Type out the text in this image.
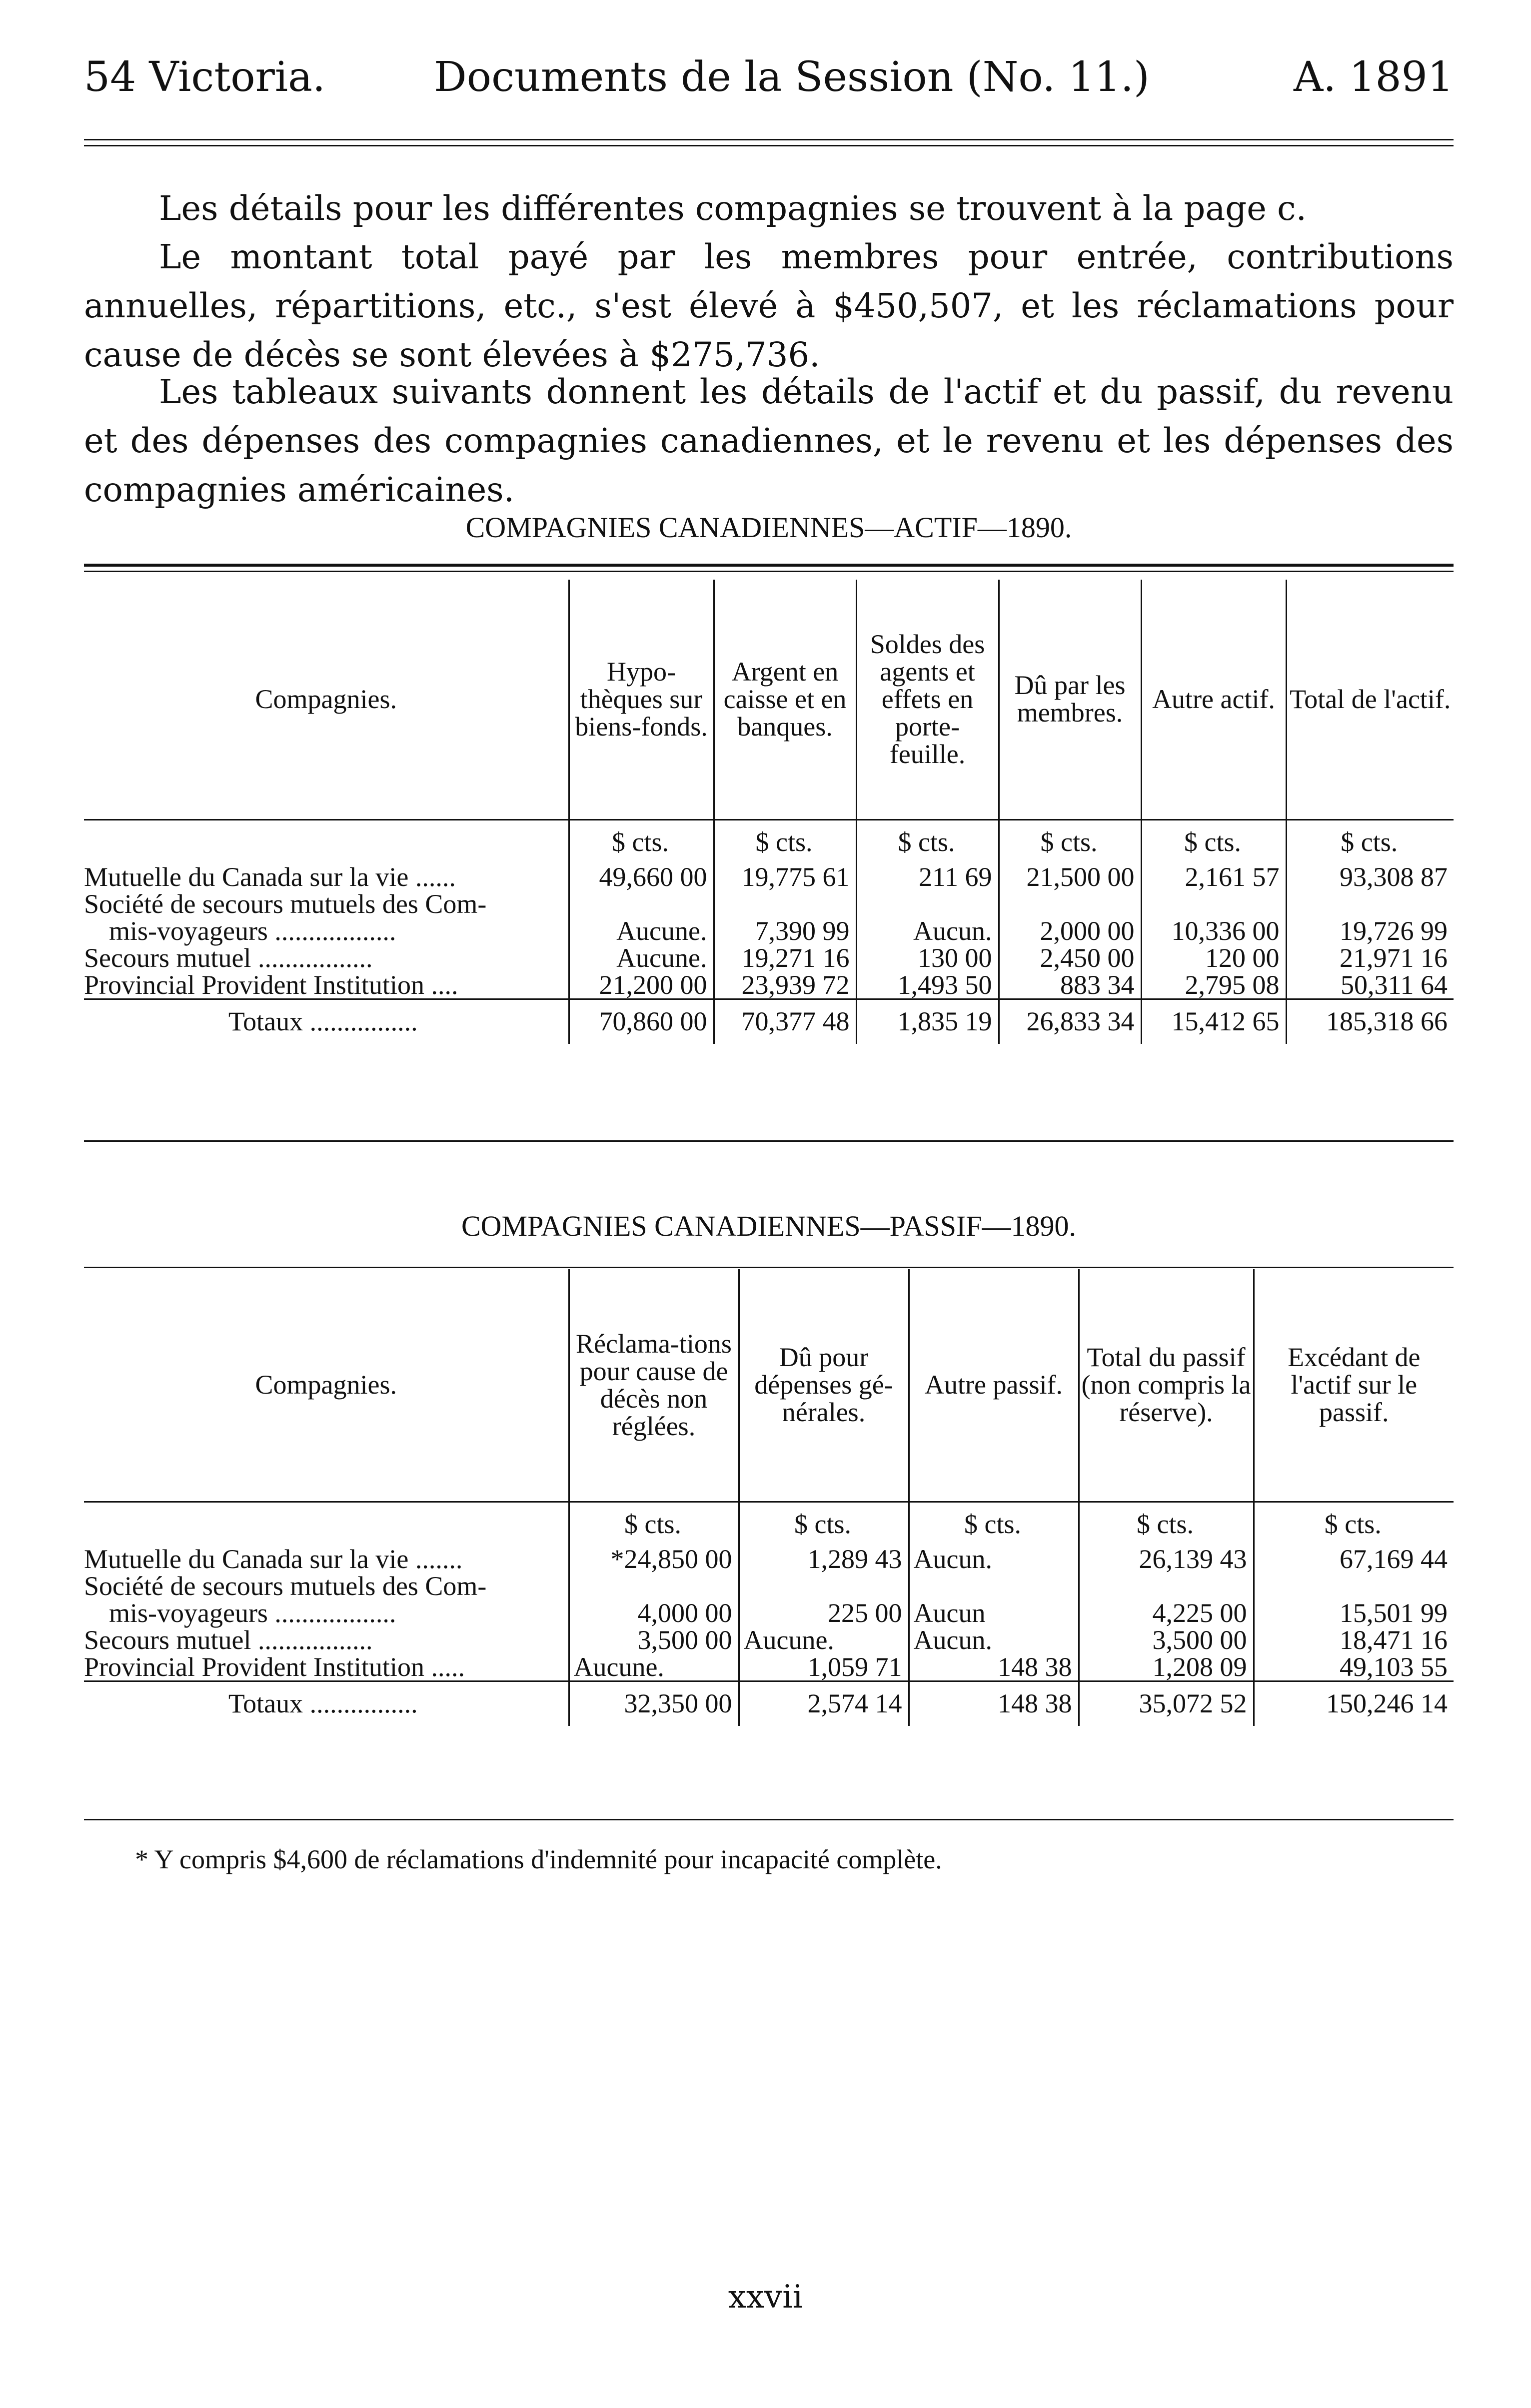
54 Victoria.	Documents de la Session (No. 11.)	A. 1891

Les détails pour les différentes compagnies se trouvent à la page c.

Le montant total payé par les membres pour entrée, contributions annuelles, répartitions, etc., s'est élevé à $450,507, et les réclamations pour cause de décès se sont élevées à $275,736.

Les tableaux suivants donnent les détails de l'actif et du passif, du revenu et des dépenses des compagnies canadiennes, et le revenu et les dépenses des compagnies américaines.

COMPAGNIES CANADIENNES—ACTIF—1890.
Compagnies.	Hypo-thèques sur biens-fonds.	Argent en caisse et en banques.	Soldes des agents et effets en porte-feuille.	Dû par les membres.	Autre actif.	Total de l'actif.
	$ cts.	$ cts.	$ cts.	$ cts.	$ cts.	$ cts.
Mutuelle du Canada sur la vie ......	49,660 00	19,775 61	211 69	21,500 00	2,161 57	93,308 87
Société de secours mutuels des Com-						
mis-voyageurs ..................	Aucune.	7,390 99	Aucun.	2,000 00	10,336 00	19,726 99
Secours mutuel .................	Aucune.	19,271 16	130 00	2,450 00	120 00	21,971 16
Provincial Provident Institution ....	21,200 00	23,939 72	1,493 50	883 34	2,795 08	50,311 64
Totaux ................	70,860 00	70,377 48	1,835 19	26,833 34	15,412 65	185,318 66
COMPAGNIES CANADIENNES—PASSIF—1890.
Compagnies.	Réclama-tions pour cause de décès non réglées.	Dû pour dépenses gé-nérales.	Autre passif.	Total du passif (non compris la réserve).	Excédant de l'actif sur le passif.
	$ cts.	$ cts.	$ cts.	$ cts.	$ cts.
Mutuelle du Canada sur la vie .......	*24,850 00	1,289 43	Aucun.	26,139 43	67,169 44
Société de secours mutuels des Com-					
mis-voyageurs ..................	4,000 00	225 00	Aucun	4,225 00	15,501 99
Secours mutuel .................	3,500 00	Aucune.	Aucun.	3,500 00	18,471 16
Provincial Provident Institution .....	Aucune.	1,059 71	148 38	1,208 09	49,103 55
Totaux ................	32,350 00	2,574 14	148 38	35,072 52	150,246 14
* Y compris $4,600 de réclamations d'indemnité pour incapacité complète.
xxvii
